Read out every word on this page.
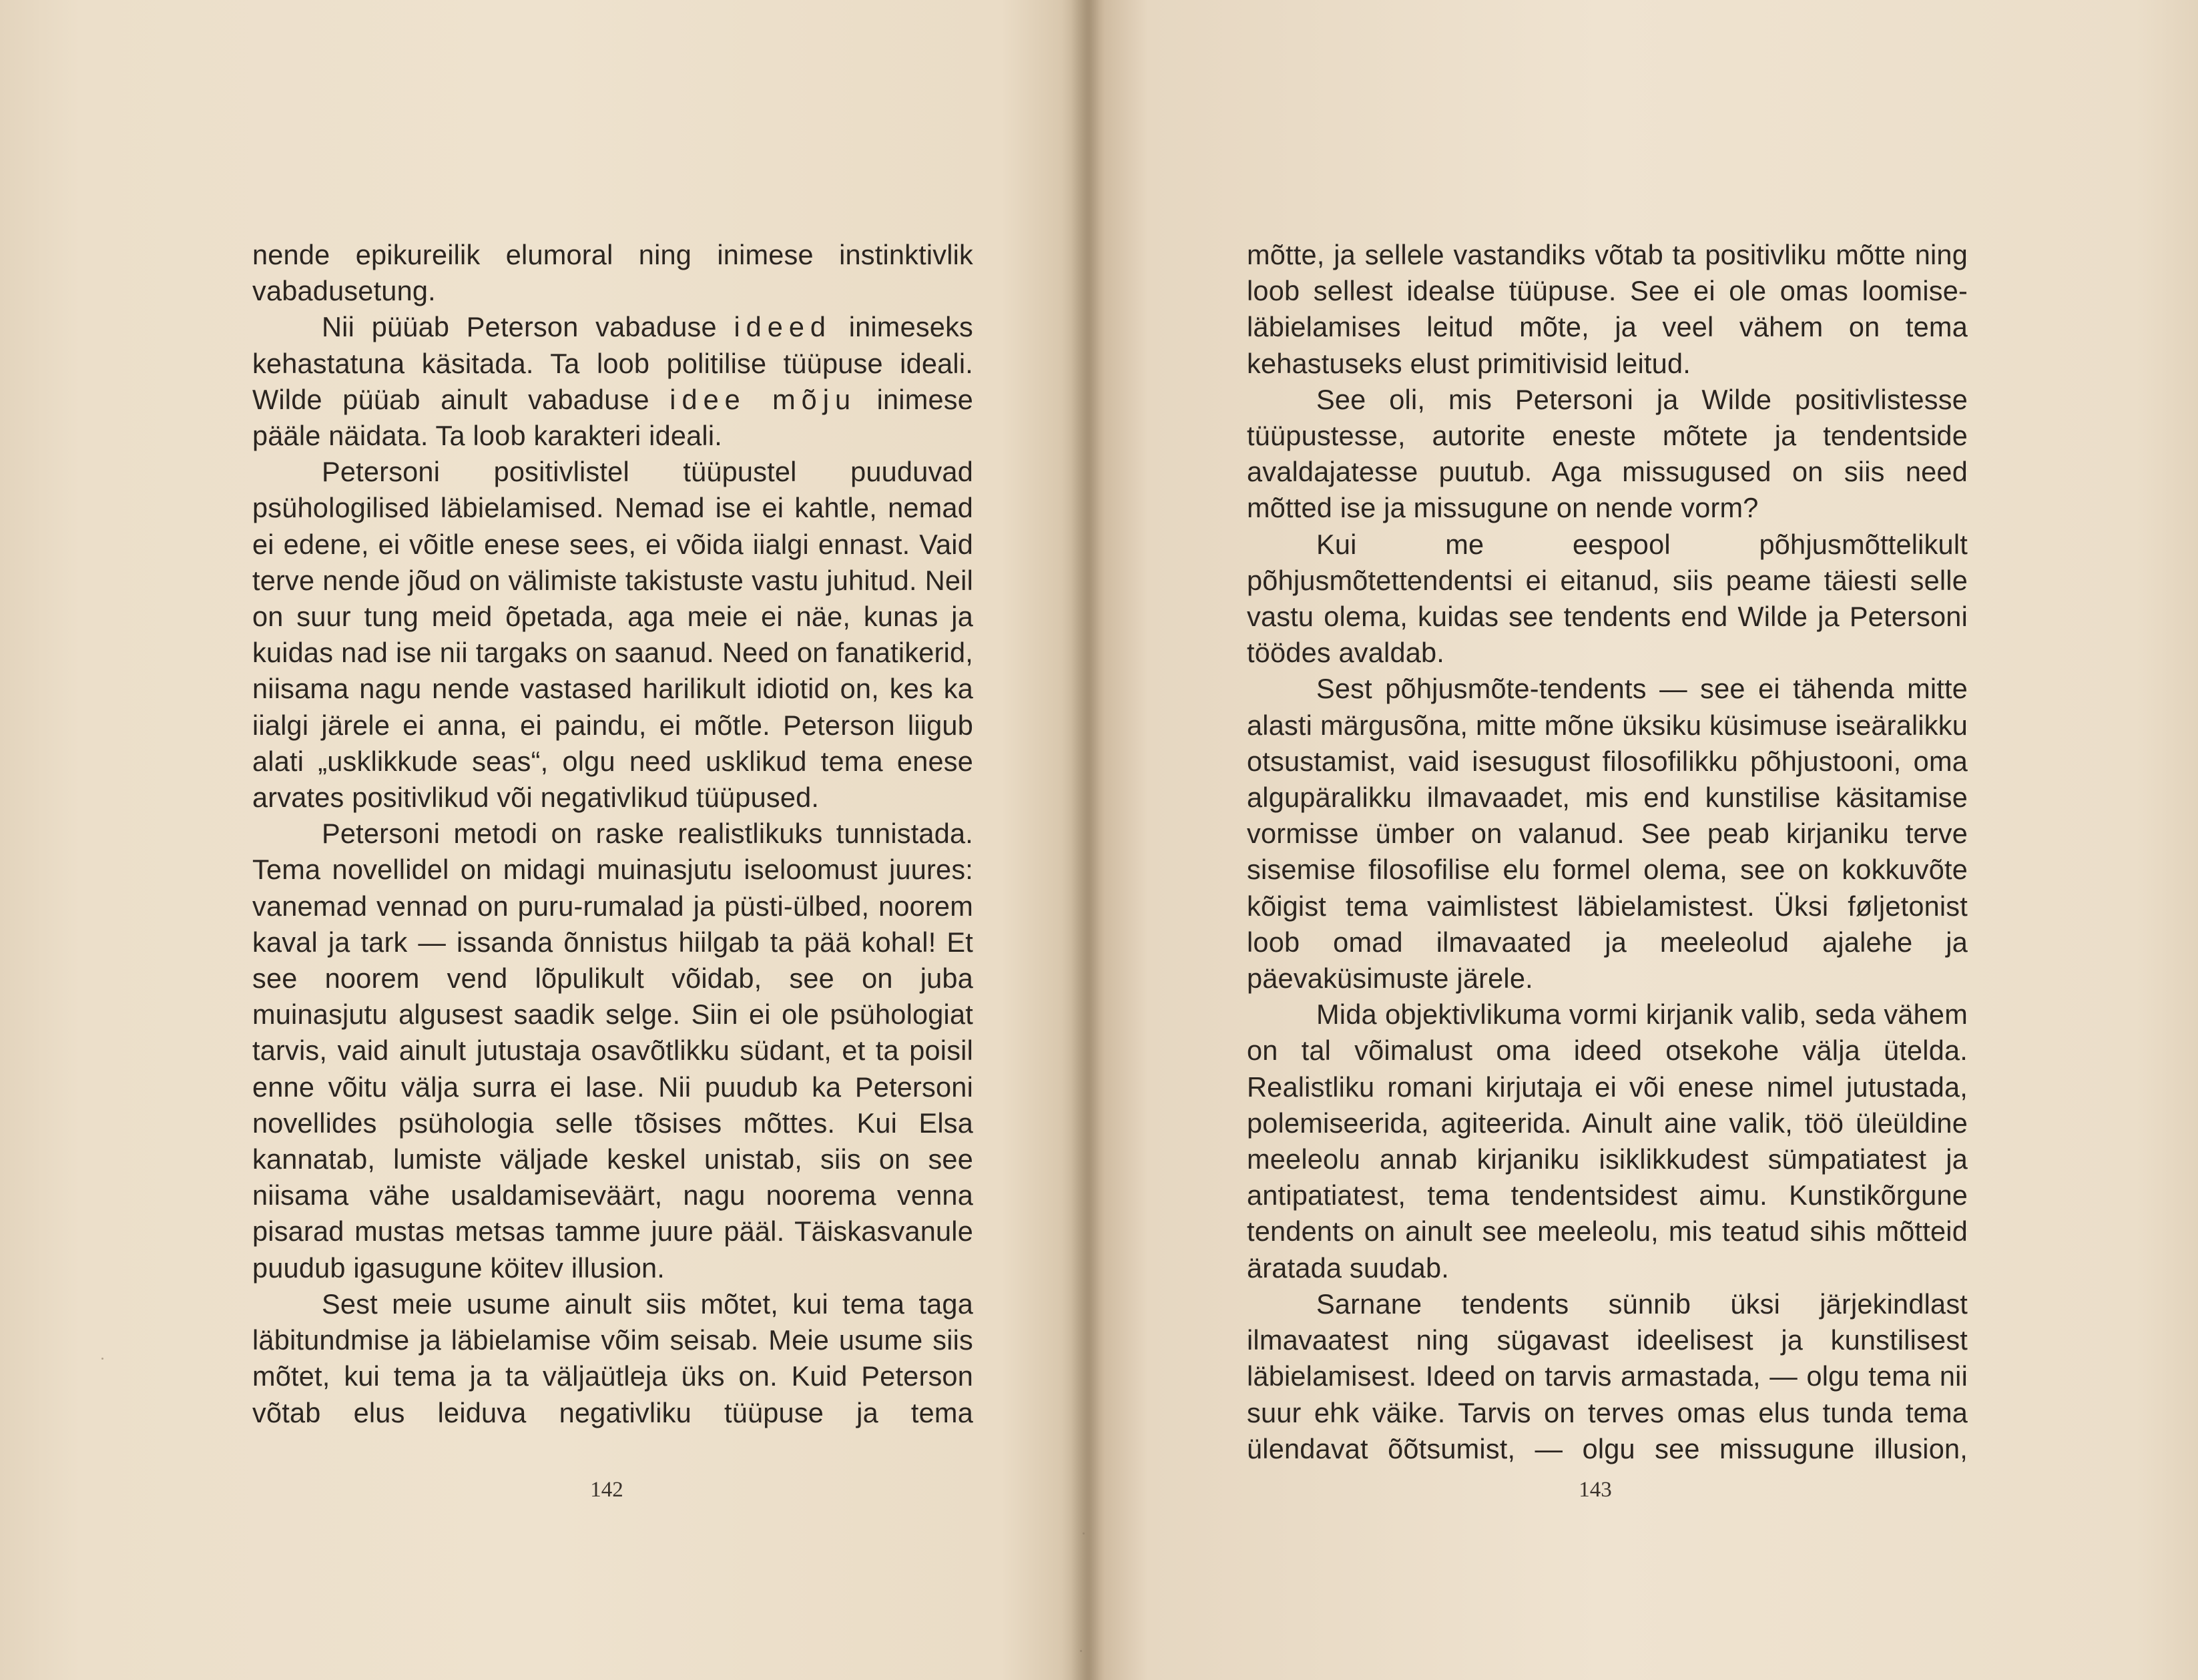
nende epikureilik elumoral ning inimese instinktivlik vabadusetung.

Nii püüab Peterson vabaduse ideed inimeseks kehastatuna käsitada. Ta loob politilise tüüpuse ideali. Wilde püüab ainult vabaduse idee mõju inimese pääle näidata. Ta loob karakteri ideali.

Petersoni positivlistel tüüpustel puuduvad psühologilised läbielamised. Nemad ise ei kahtle, nemad ei edene, ei võitle enese sees, ei võida iialgi ennast. Vaid terve nende jõud on välimiste takistuste vastu juhitud. Neil on suur tung meid õpetada, aga meie ei näe, kunas ja kuidas nad ise nii targaks on saanud. Need on fanatikerid, niisama nagu nende vastased harilikult idiotid on, kes ka iialgi järele ei anna, ei paindu, ei mõtle. Peterson liigub alati „usklikkude seas“, olgu need usklikud tema enese arvates positivlikud või negativlikud tüüpused.

Petersoni metodi on raske realistlikuks tunnistada. Tema novellidel on midagi muinasjutu iseloomust juures: vanemad vennad on puru-rumalad ja püsti-ülbed, noorem kaval ja tark — issanda õnnistus hiilgab ta pää kohal! Et see noorem vend lõpulikult võidab, see on juba muinasjutu algusest saadik selge. Siin ei ole psühologiat tarvis, vaid ainult jutustaja osavõtlikku südant, et ta poisil enne võitu välja surra ei lase. Nii puudub ka Petersoni novellides psühologia selle tõsises mõttes. Kui Elsa kannatab, lumiste väljade keskel unistab, siis on see niisama vähe usaldamiseväärt, nagu noorema venna pisarad mustas metsas tamme juure pääl. Täiskasvanule puudub igasugune köitev illusion.

Sest meie usume ainult siis mõtet, kui tema taga läbitundmise ja läbielamise võim seisab. Meie usume siis mõtet, kui tema ja ta väljaütleja üks on. Kuid Peterson võtab elus leiduva negativliku tüüpuse ja tema

142

mõtte, ja sellele vastandiks võtab ta positivliku mõtte ning loob sellest idealse tüüpuse. See ei ole omas loomise-läbielamises leitud mõte, ja veel vähem on tema kehastuseks elust primitivisid leitud.

See oli, mis Petersoni ja Wilde positivlistesse tüüpustesse, autorite eneste mõtete ja tendentside avaldajatesse puutub. Aga missugused on siis need mõtted ise ja missugune on nende vorm?

Kui me eespool põhjusmõttelikult põhjusmõtettendentsi ei eitanud, siis peame täiesti selle vastu olema, kuidas see tendents end Wilde ja Petersoni töödes avaldab.

Sest põhjusmõte-tendents — see ei tähenda mitte alasti märgusõna, mitte mõne üksiku küsimuse iseäralikku otsustamist, vaid isesugust filosofilikku põhjustooni, oma algupäralikku ilmavaadet, mis end kunstilise käsitamise vormisse ümber on valanud. See peab kirjaniku terve sisemise filosofilise elu formel olema, see on kokkuvõte kõigist tema vaimlistest läbielamistest. Üksi føljetonist loob omad ilmavaated ja meeleolud ajalehe ja päevaküsimuste järele.

Mida objektivlikuma vormi kirjanik valib, seda vähem on tal võimalust oma ideed otsekohe välja ütelda. Realistliku romani kirjutaja ei või enese nimel jutustada, polemiseerida, agiteerida. Ainult aine valik, töö üleüldine meeleolu annab kirjaniku isiklikkudest sümpatiatest ja antipatiatest, tema tendentsidest aimu. Kunstikõrgune tendents on ainult see meeleolu, mis teatud sihis mõtteid äratada suudab.

Sarnane tendents sünnib üksi järjekindlast ilmavaatest ning sügavast ideelisest ja kunstilisest läbielamisest. Ideed on tarvis armastada, — olgu tema nii suur ehk väike. Tarvis on terves omas elus tunda tema ülendavat õõtsumist, — olgu see missugune illusion,

143
